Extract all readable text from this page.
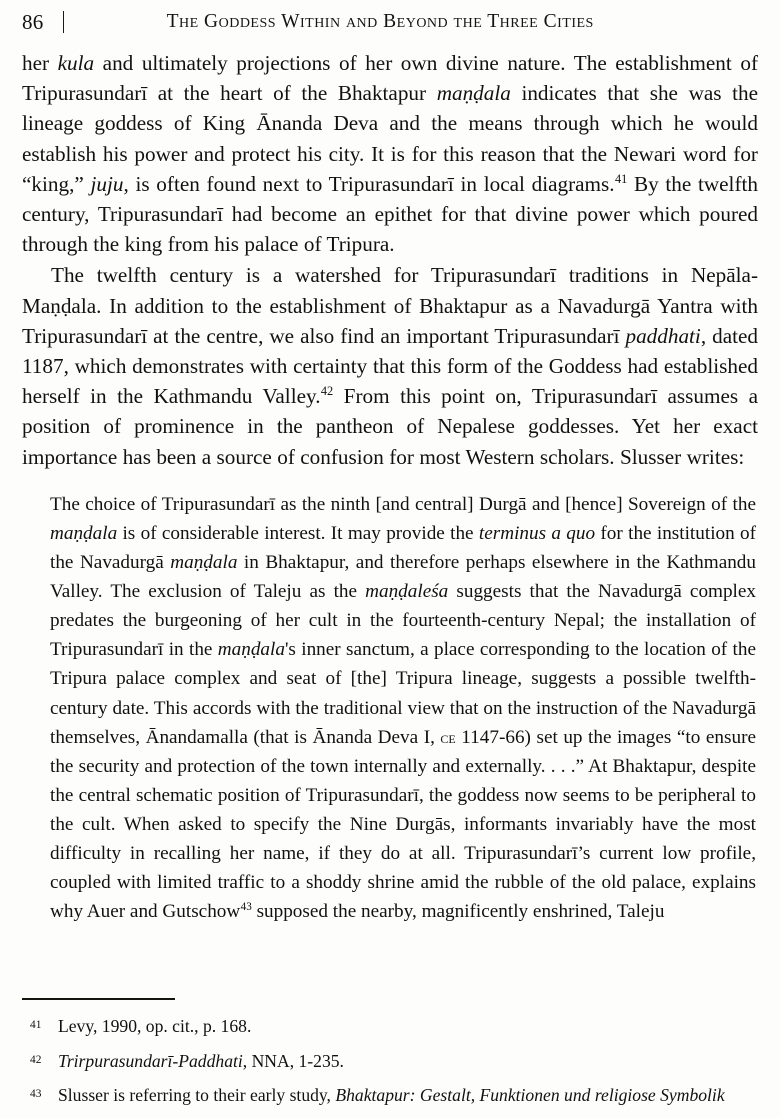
86	The Goddess Within and Beyond the Three Cities

her kula and ultimately projections of her own divine nature. The establishment of Tripurasundarī at the heart of the Bhaktapur maṇḍala indicates that she was the lineage goddess of King Ānanda Deva and the means through which he would establish his power and protect his city. It is for this reason that the Newari word for “king,” juju, is often found next to Tripurasundarī in local diagrams.$^{41}$ By the twelfth century, Tripurasundarī had become an epithet for that divine power which poured through the king from his palace of Tripura.

The twelfth century is a watershed for Tripurasundarī traditions in Nepāla-Maṇḍala. In addition to the establishment of Bhaktapur as a Navadurgā Yantra with Tripurasundarī at the centre, we also find an important Tripurasundarī paddhati, dated 1187, which demonstrates with certainty that this form of the Goddess had established herself in the Kathmandu Valley.$^{42}$ From this point on, Tripurasundarī assumes a position of prominence in the pantheon of Nepalese goddesses. Yet her exact importance has been a source of confusion for most Western scholars. Slusser writes:

The choice of Tripurasundarī as the ninth [and central] Durgā and [hence] Sovereign of the maṇḍala is of considerable interest. It may provide the terminus a quo for the institution of the Navadurgā maṇḍala in Bhaktapur, and therefore perhaps elsewhere in the Kathmandu Valley. The exclusion of Taleju as the maṇḍaleśa suggests that the Navadurgā complex predates the burgeoning of her cult in the fourteenth-century Nepal; the installation of Tripurasundarī in the maṇḍala's inner sanctum, a place corresponding to the location of the Tripura palace complex and seat of [the] Tripura lineage, suggests a possible twelfth-century date. This accords with the traditional view that on the instruction of the Navadurgā themselves, Ānandamalla (that is Ānanda Deva I, ce 1147-66) set up the images “to ensure the security and protection of the town internally and externally. . . .” At Bhaktapur, despite the central schematic position of Tripurasundarī, the goddess now seems to be peripheral to the cult. When asked to specify the Nine Durgās, informants invariably have the most difficulty in recalling her name, if they do at all. Tripurasundarī’s current low profile, coupled with limited traffic to a shoddy shrine amid the rubble of the old palace, explains why Auer and Gutschow$^{43}$ supposed the nearby, magnificently enshrined, Taleju

41 Levy, 1990, op. cit., p. 168.
42 Trirpurasundarī-Paddhati, NNA, 1-235.
43 Slusser is referring to their early study, Bhaktapur: Gestalt, Funktionen und religiose Symbolik
